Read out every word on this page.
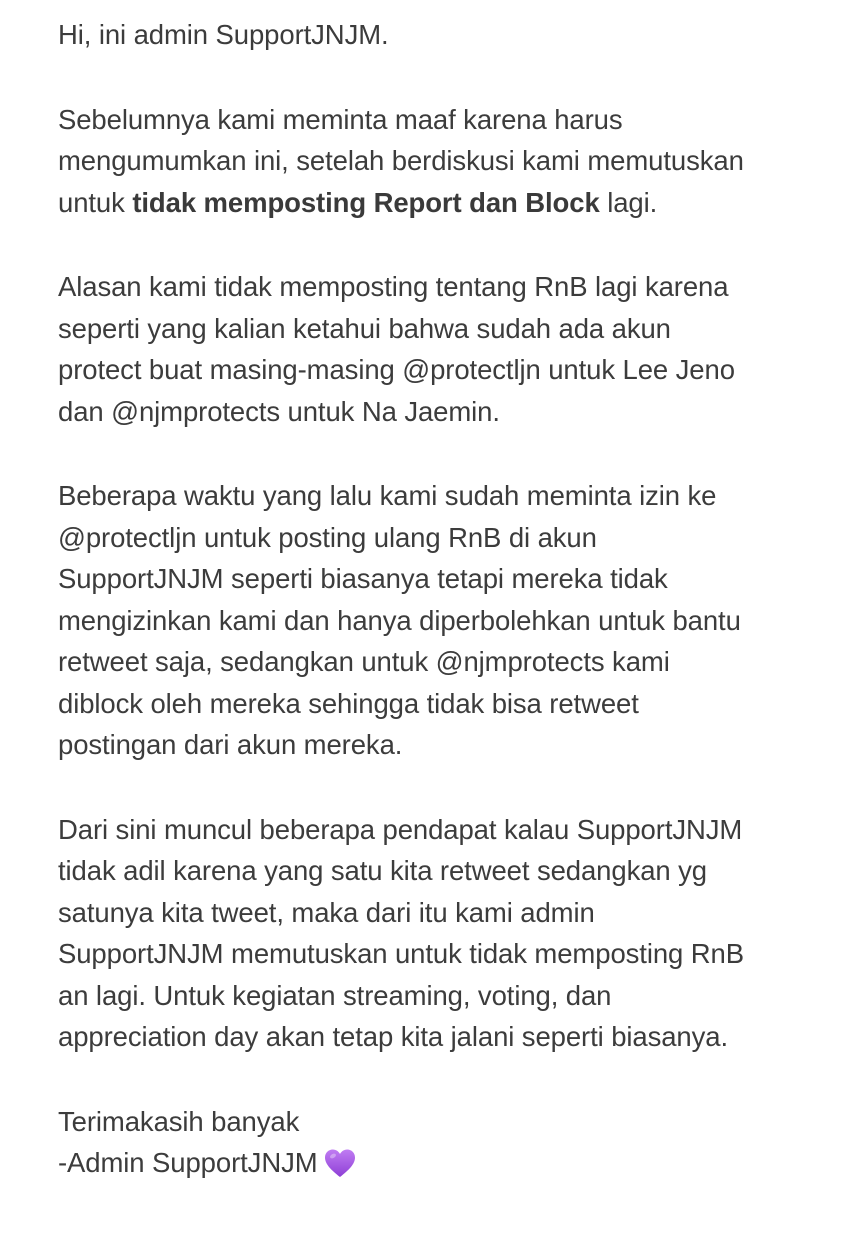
Hi, ini admin SupportJNJM.
Sebelumnya kami meminta maaf karena harus
mengumumkan ini, setelah berdiskusi kami memutuskan
untuk tidak memposting Report dan Block lagi.
Alasan kami tidak memposting tentang RnB lagi karena
seperti yang kalian ketahui bahwa sudah ada akun
protect buat masing-masing @protectljn untuk Lee Jeno
dan @njmprotects untuk Na Jaemin.
Beberapa waktu yang lalu kami sudah meminta izin ke
@protectljn untuk posting ulang RnB di akun
SupportJNJM seperti biasanya tetapi mereka tidak
mengizinkan kami dan hanya diperbolehkan untuk bantu
retweet saja, sedangkan untuk @njmprotects kami
diblock oleh mereka sehingga tidak bisa retweet
postingan dari akun mereka.
Dari sini muncul beberapa pendapat kalau SupportJNJM
tidak adil karena yang satu kita retweet sedangkan yg
satunya kita tweet, maka dari itu kami admin
SupportJNJM memutuskan untuk tidak memposting RnB
an lagi. Untuk kegiatan streaming, voting, dan
appreciation day akan tetap kita jalani seperti biasanya.
Terimakasih banyak
-Admin SupportJNJM
